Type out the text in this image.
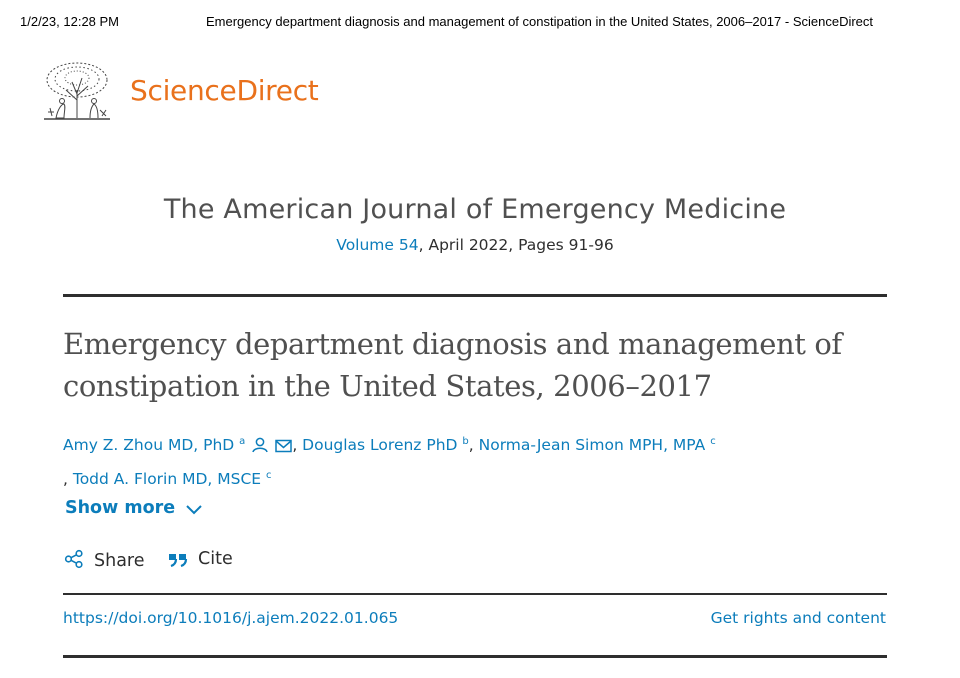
1/2/23, 12:28 PM	Emergency department diagnosis and management of constipation in the United States, 2006–2017 - ScienceDirect
ScienceDirect
The American Journal of Emergency Medicine
Volume 54, April 2022, Pages 91-96
Emergency department diagnosis and management of constipation in the United States, 2006–2017
Amy Z. Zhou MD, PhD $^a$	, Douglas Lorenz PhD $^b$, Norma-Jean Simon MPH, MPA $^c$
, Todd A. Florin MD, MSCE $^c$
Show more
Share	Cite
https://doi.org/10.1016/j.ajem.2022.01.065	Get rights and content
